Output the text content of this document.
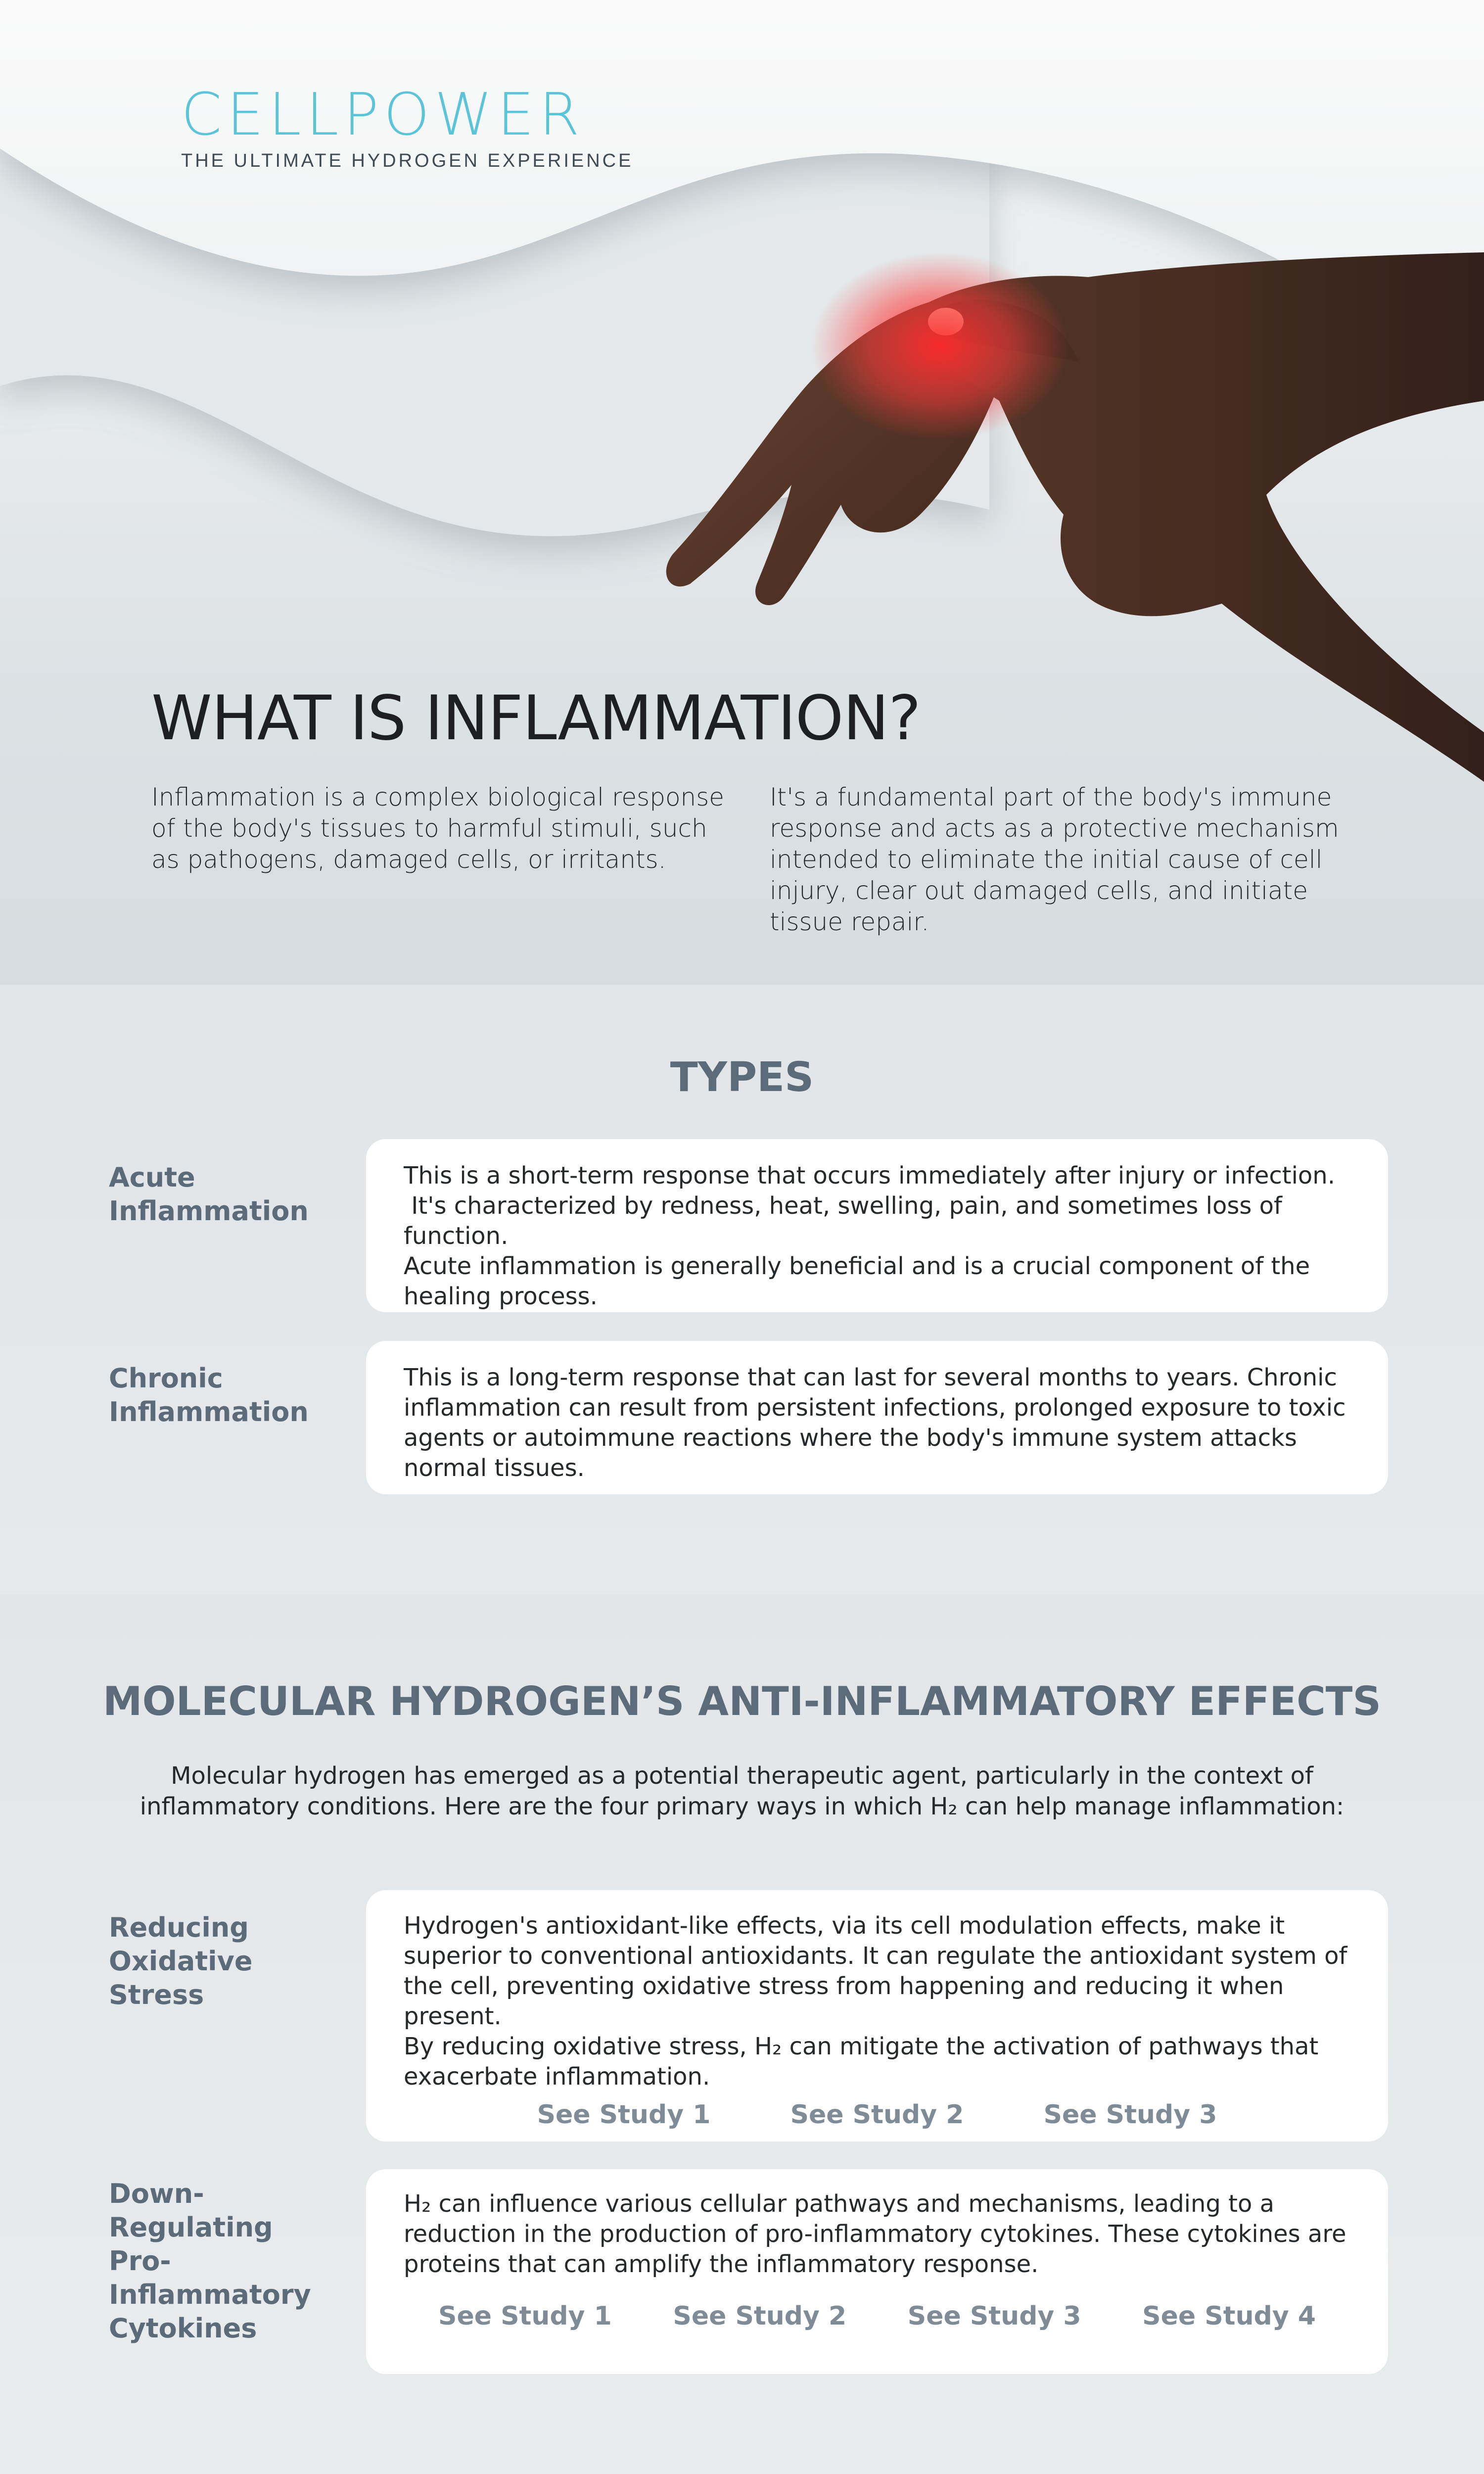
CELLPOWER
THE ULTIMATE HYDROGEN EXPERIENCE
WHAT IS INFLAMMATION?
Inflammation is a complex biological response of the body's tissues to harmful stimuli, such as pathogens, damaged cells, or irritants.
It's a fundamental part of the body's immune response and acts as a protective mechanism intended to eliminate the initial cause of cell injury, clear out damaged cells, and initiate tissue repair.
TYPES
Acute
Inflammation

This is a short-term response that occurs immediately after injury or infection.

It's characterized by redness, heat, swelling, pain, and sometimes loss of function.

Acute inflammation is generally beneficial and is a crucial component of the healing process.

Chronic
Inflammation

This is a long-term response that can last for several months to years. Chronic inflammation can result from persistent infections, prolonged exposure to toxic agents or autoimmune reactions where the body's immune system attacks normal tissues.

MOLECULAR HYDROGEN’S ANTI-INFLAMMATORY EFFECTS
Molecular hydrogen has emerged as a potential therapeutic agent, particularly in the context of inflammatory conditions. Here are the four primary ways in which H₂ can help manage inflammation:
Reducing
Oxidative Stress

Hydrogen's antioxidant-like effects, via its cell modulation effects, make it superior to conventional antioxidants. It can regulate the antioxidant system of the cell, preventing oxidative stress from happening and reducing it when present.

By reducing oxidative stress, H₂ can mitigate the activation of pathways that exacerbate inflammation.

See Study 1	See Study 2	See Study 3
Down-Regulating
Pro-Inflammatory
Cytokines

H₂ can influence various cellular pathways and mechanisms, leading to a reduction in the production of pro-inflammatory cytokines. These cytokines are proteins that can amplify the inflammatory response.

See Study 1 See Study 2 See Study 3 See Study 4
